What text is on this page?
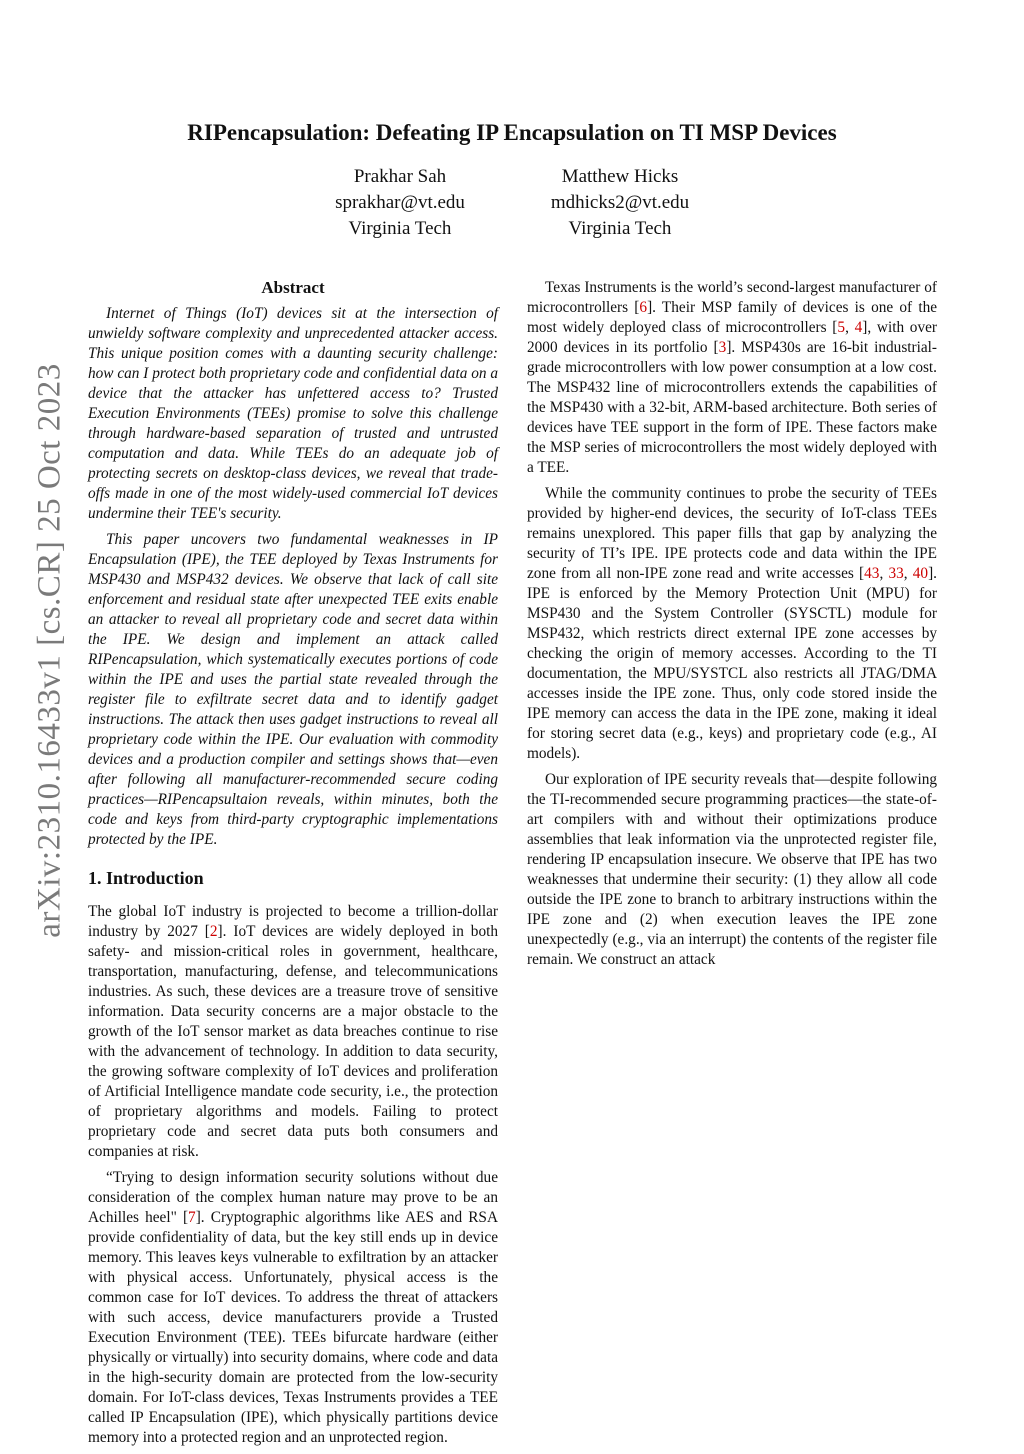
arXiv:2310.16433v1 [cs.CR] 25 Oct 2023
RIPencapsulation: Defeating IP Encapsulation on TI MSP Devices
Prakhar Sah
sprakhar@vt.edu
Virginia Tech
Matthew Hicks
mdhicks2@vt.edu
Virginia Tech
Abstract

Internet of Things (IoT) devices sit at the intersection of unwieldy software complexity and unprecedented attacker access. This unique position comes with a daunting security challenge: how can I protect both proprietary code and confidential data on a device that the attacker has unfettered access to? Trusted Execution Environments (TEEs) promise to solve this challenge through hardware-based separation of trusted and untrusted computation and data. While TEEs do an adequate job of protecting secrets on desktop-class devices, we reveal that trade-offs made in one of the most widely-used commercial IoT devices undermine their TEE's security.

This paper uncovers two fundamental weaknesses in IP Encapsulation (IPE), the TEE deployed by Texas Instruments for MSP430 and MSP432 devices. We observe that lack of call site enforcement and residual state after unexpected TEE exits enable an attacker to reveal all proprietary code and secret data within the IPE. We design and implement an attack called RIPencapsulation, which systematically executes portions of code within the IPE and uses the partial state revealed through the register file to exfiltrate secret data and to identify gadget instructions. The attack then uses gadget instructions to reveal all proprietary code within the IPE. Our evaluation with commodity devices and a production compiler and settings shows that—even after following all manufacturer-recommended secure coding practices—RIPencapsultaion reveals, within minutes, both the code and keys from third-party cryptographic implementations protected by the IPE.

1. Introduction

The global IoT industry is projected to become a trillion-dollar industry by 2027 [2]. IoT devices are widely deployed in both safety- and mission-critical roles in government, healthcare, transportation, manufacturing, defense, and telecommunications industries. As such, these devices are a treasure trove of sensitive information. Data security concerns are a major obstacle to the growth of the IoT sensor market as data breaches continue to rise with the advancement of technology. In addition to data security, the growing software complexity of IoT devices and proliferation of Artificial Intelligence mandate code security, i.e., the protection of proprietary algorithms and models. Failing to protect proprietary code and secret data puts both consumers and companies at risk.

“Trying to design information security solutions without due consideration of the complex human nature may prove to be an Achilles heel" [7]. Cryptographic algorithms like AES and RSA provide confidentiality of data, but the key still ends up in device memory. This leaves keys vulnerable to exfiltration by an attacker with physical access. Unfortunately, physical access is the common case for IoT devices. To address the threat of attackers with such access, device manufacturers provide a Trusted Execution Environment (TEE). TEEs bifurcate hardware (either physically or virtually) into security domains, where code and data in the high-security domain are protected from the low-security domain. For IoT-class devices, Texas Instruments provides a TEE called IP Encapsulation (IPE), which physically partitions device memory into a protected region and an unprotected region.

Texas Instruments is the world’s second-largest manufacturer of microcontrollers [6]. Their MSP family of devices is one of the most widely deployed class of microcontrollers [5, 4], with over 2000 devices in its portfolio [3]. MSP430s are 16-bit industrial-grade microcontrollers with low power consumption at a low cost. The MSP432 line of microcontrollers extends the capabilities of the MSP430 with a 32-bit, ARM-based architecture. Both series of devices have TEE support in the form of IPE. These factors make the MSP series of microcontrollers the most widely deployed with a TEE.

While the community continues to probe the security of TEEs provided by higher-end devices, the security of IoT-class TEEs remains unexplored. This paper fills that gap by analyzing the security of TI’s IPE. IPE protects code and data within the IPE zone from all non-IPE zone read and write accesses [43, 33, 40]. IPE is enforced by the Memory Protection Unit (MPU) for MSP430 and the System Controller (SYSCTL) module for MSP432, which restricts direct external IPE zone accesses by checking the origin of memory accesses. According to the TI documentation, the MPU/SYSTCL also restricts all JTAG/DMA accesses inside the IPE zone. Thus, only code stored inside the IPE memory can access the data in the IPE zone, making it ideal for storing secret data (e.g., keys) and proprietary code (e.g., AI models).

Our exploration of IPE security reveals that—despite following the TI-recommended secure programming practices—the state-of-art compilers with and without their optimizations produce assemblies that leak information via the unprotected register file, rendering IP encapsulation insecure. We observe that IPE has two weaknesses that undermine their security: (1) they allow all code outside the IPE zone to branch to arbitrary instructions within the IPE zone and (2) when execution leaves the IPE zone unexpectedly (e.g., via an interrupt) the contents of the register file remain. We construct an attack
